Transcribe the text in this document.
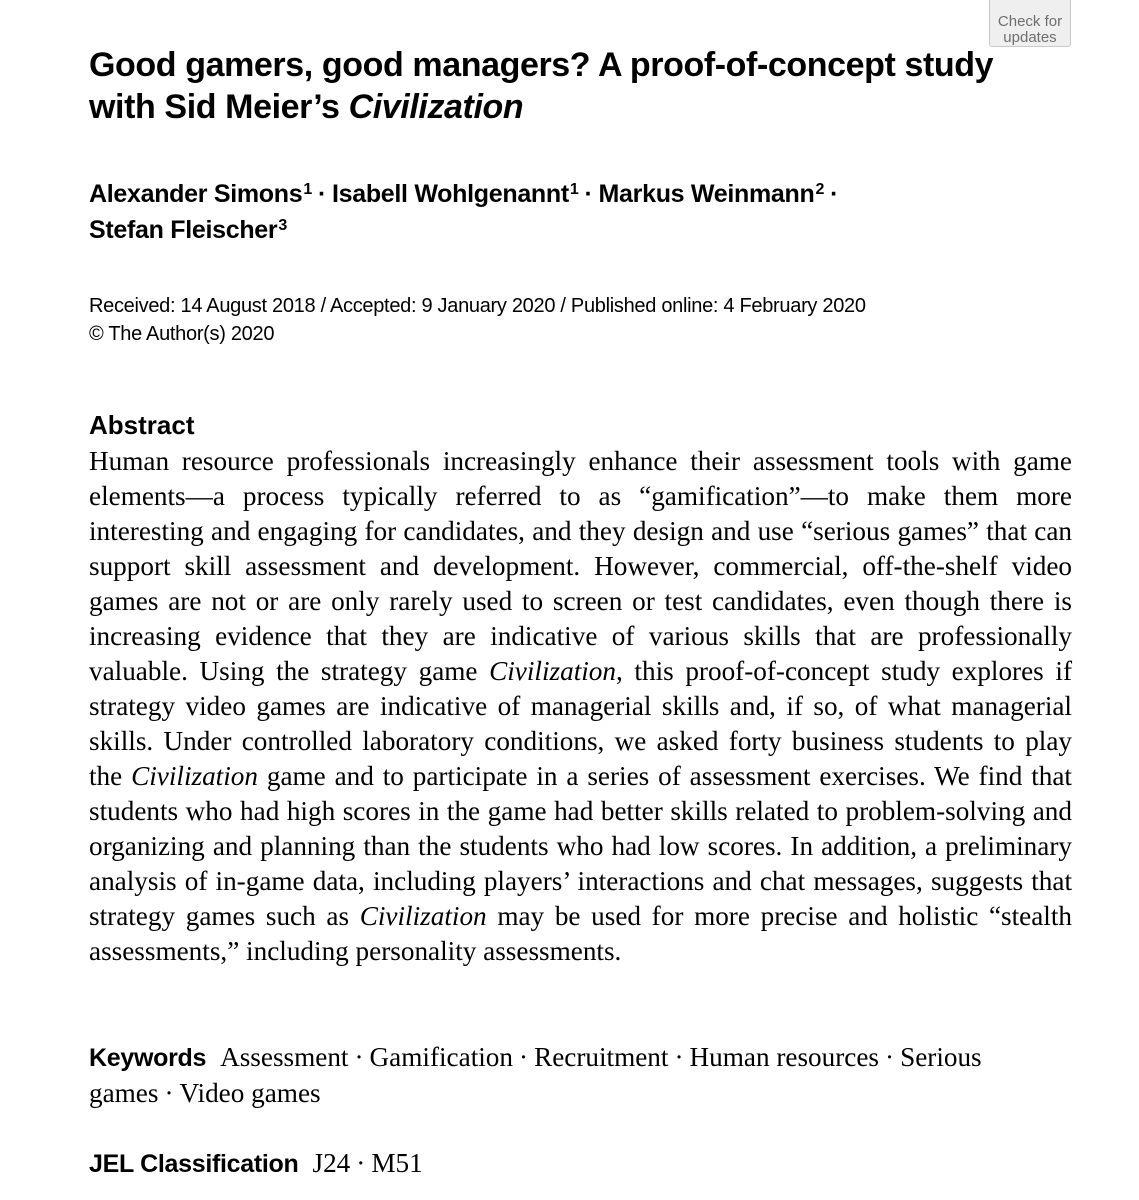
Check for
updates
Good gamers, good managers? A proof-of-concept study
with Sid Meier’s Civilization
Alexander Simons$^1$ · Isabell Wohlgenannt$^1$ · Markus Weinmann$^2$ ·
Stefan Fleischer$^3$
Received: 14 August 2018 / Accepted: 9 January 2020 / Published online: 4 February 2020
© The Author(s) 2020
Abstract
Human resource professionals increasingly enhance their assessment tools with game elements—a process typically referred to as “gamification”—to make them more interesting and engaging for candidates, and they design and use “serious games” that can support skill assessment and development. However, commercial, off-the-shelf video games are not or are only rarely used to screen or test candidates, even though there is increasing evidence that they are indicative of various skills that are professionally valuable. Using the strategy game Civilization, this proof-of-concept study explores if strategy video games are indicative of managerial skills and, if so, of what managerial skills. Under controlled laboratory conditions, we asked forty business students to play the Civilization game and to participate in a series of assessment exercises. We find that students who had high scores in the game had better skills related to problem-solving and organizing and planning than the students who had low scores. In addition, a preliminary analysis of in-game data, including players’ interactions and chat messages, suggests that strategy games such as Civilization may be used for more precise and holistic “stealth assessments,” including personality assessments.
Keywords Assessment · Gamification · Recruitment · Human resources · Serious games · Video games
JEL Classification J24 · M51
